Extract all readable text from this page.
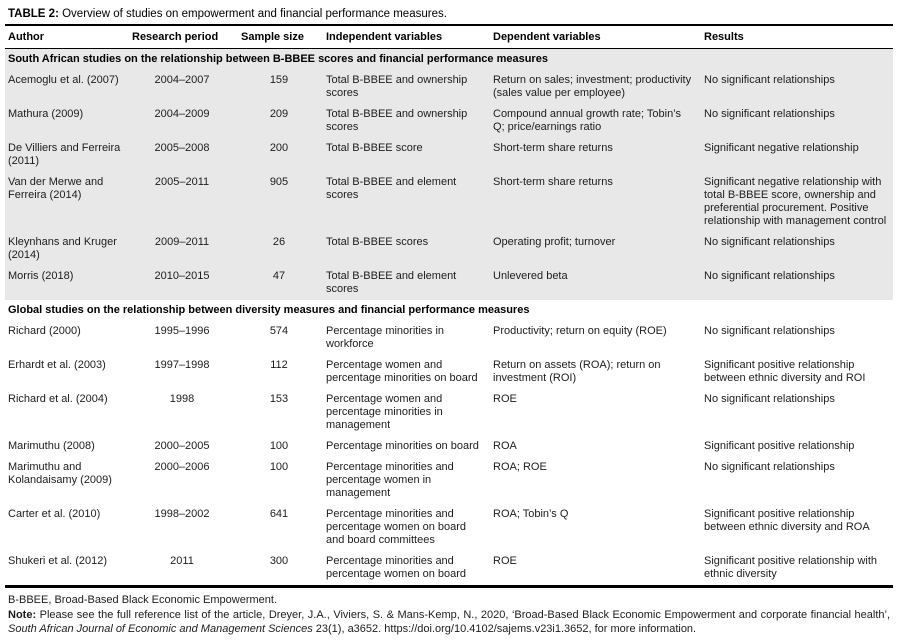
TABLE 2: Overview of studies on empowerment and financial performance measures.
Author	Research period	Sample size	Independent variables	Dependent variables	Results
South African studies on the relationship between B-BBEE scores and financial performance measures					
Acemoglu et al. (2007)	2004–2007	159	Total B-BBEE and ownership scores	Return on sales; investment; productivity (sales value per employee)	No significant relationships
Mathura (2009)	2004–2009	209	Total B-BBEE and ownership scores	Compound annual growth rate; Tobin’s Q; price/earnings ratio	No significant relationships
De Villiers and Ferreira (2011)	2005–2008	200	Total B-BBEE score	Short-term share returns	Significant negative relationship
Van der Merwe and Ferreira (2014)	2005–2011	905	Total B-BBEE and element scores	Short-term share returns	Significant negative relationship with total B-BBEE score, ownership and preferential procurement. Positive relationship with management control
Kleynhans and Kruger (2014)	2009–2011	26	Total B-BBEE scores	Operating profit; turnover	No significant relationships
Morris (2018)	2010–2015	47	Total B-BBEE and element scores	Unlevered beta	No significant relationships
Global studies on the relationship between diversity measures and financial performance measures					
Richard (2000)	1995–1996	574	Percentage minorities in workforce	Productivity; return on equity (ROE)	No significant relationships
Erhardt et al. (2003)	1997–1998	112	Percentage women and percentage minorities on board	Return on assets (ROA); return on investment (ROI)	Significant positive relationship between ethnic diversity and ROI
Richard et al. (2004)	1998	153	Percentage women and percentage minorities in management	ROE	No significant relationships
Marimuthu (2008)	2000–2005	100	Percentage minorities on board	ROA	Significant positive relationship
Marimuthu and Kolandaisamy (2009)	2000–2006	100	Percentage minorities and percentage women in management	ROA; ROE	No significant relationships
Carter et al. (2010)	1998–2002	641	Percentage minorities and percentage women on board and board committees	ROA; Tobin’s Q	Significant positive relationship between ethnic diversity and ROA
Shukeri et al. (2012)	2011	300	Percentage minorities and percentage women on board	ROE	Significant positive relationship with ethnic diversity
B-BBEE, Broad-Based Black Economic Empowerment.
Note: Please see the full reference list of the article, Dreyer, J.A., Viviers, S. & Mans-Kemp, N., 2020, ‘Broad-Based Black Economic Empowerment and corporate financial health’, South African Journal of Economic and Management Sciences 23(1), a3652. https://doi.org/10.4102/sajems.v23i1.3652, for more information.
